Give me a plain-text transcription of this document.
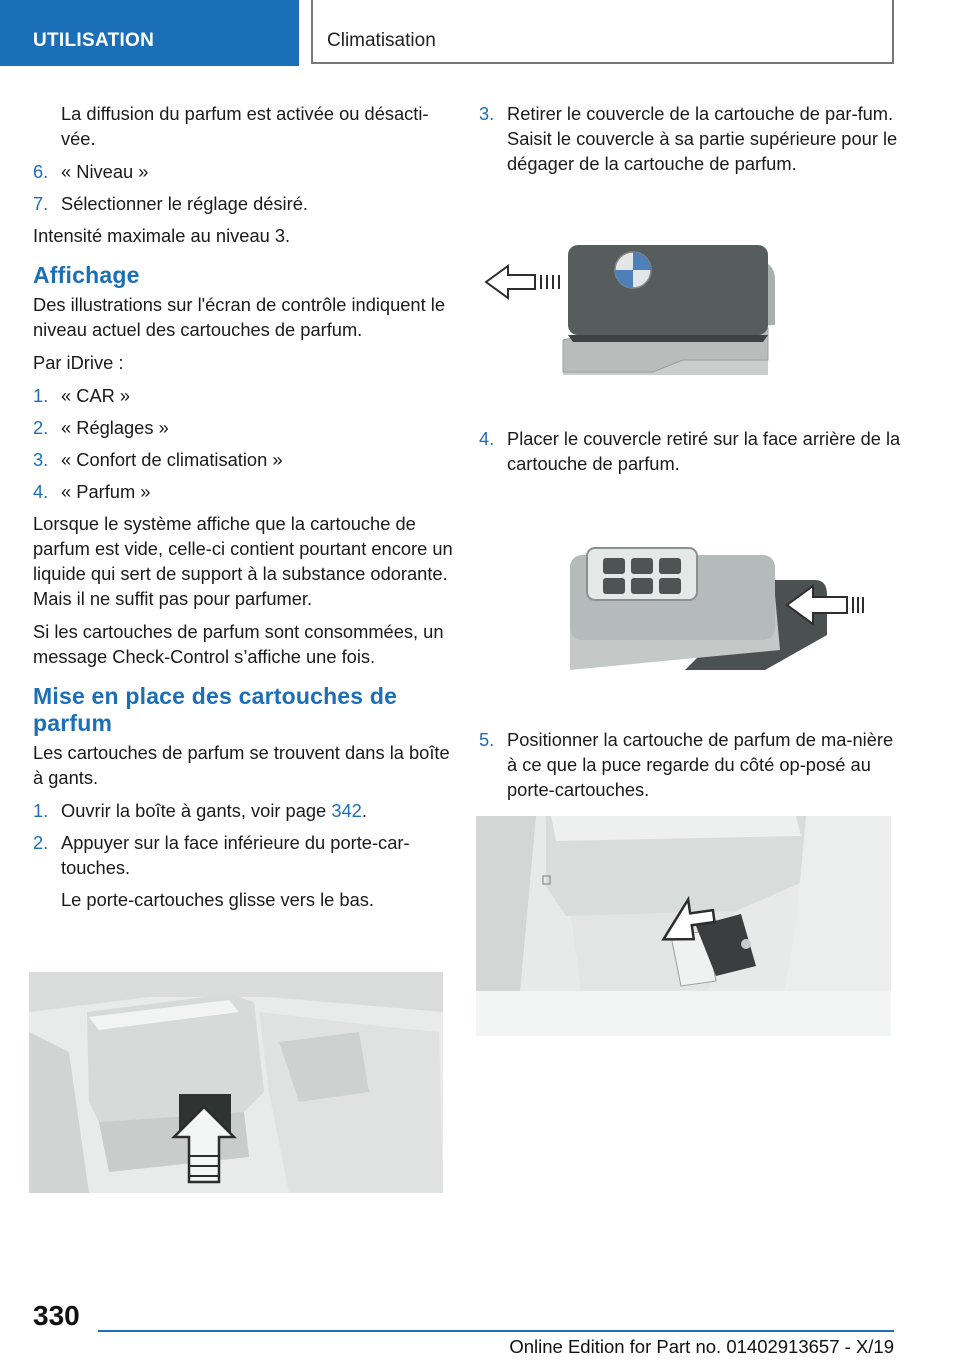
UTILISATION	Climatisation

La diffusion du parfum est activée ou désacti-vée.

6. « Niveau »
7. Sélectionner le réglage désiré.

Intensité maximale au niveau 3.

Affichage

Des illustrations sur l'écran de contrôle indiquent le niveau actuel des cartouches de parfum.

Par iDrive :

1. « CAR »
2. « Réglages »
3. « Confort de climatisation »
4. « Parfum »

Lorsque le système affiche que la cartouche de parfum est vide, celle-ci contient pourtant encore un liquide qui sert de support à la substance odorante. Mais il ne suffit pas pour parfumer.

Si les cartouches de parfum sont consommées, un message Check-Control s’affiche une fois.

Mise en place des cartouches de parfum

Les cartouches de parfum se trouvent dans la boîte à gants.

1. Ouvrir la boîte à gants, voir page 342.
2. Appuyer sur la face inférieure du porte-car-touches.

Le porte-cartouches glisse vers le bas.

3. Retirer le couvercle de la cartouche de par-fum. Saisit le couvercle à sa partie supérieure pour le dégager de la cartouche de parfum.
4. Placer le couvercle retiré sur la face arrière de la cartouche de parfum.
5. Positionner la cartouche de parfum de ma-nière à ce que la puce regarde du côté op-posé au porte-cartouches.
330
Online Edition for Part no. 01402913657 - X/19
